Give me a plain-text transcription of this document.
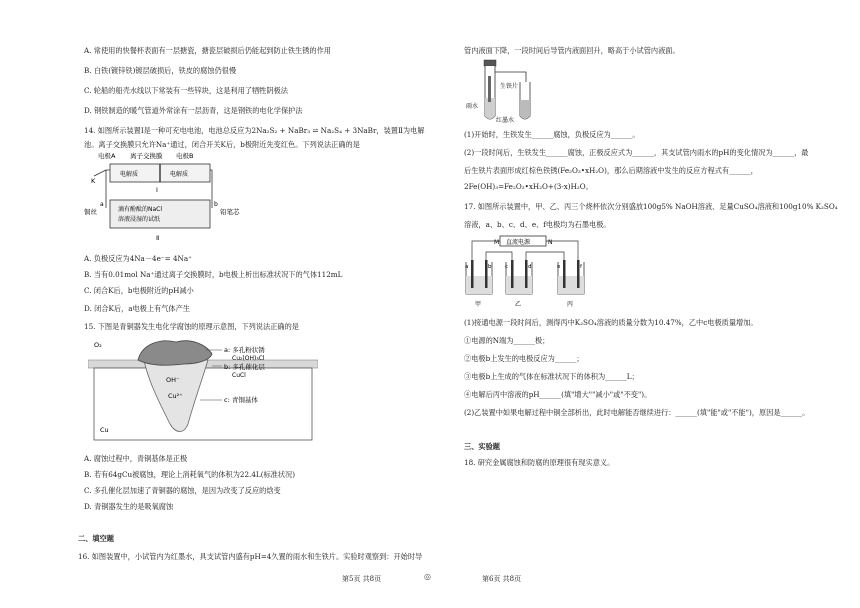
A. 常使用的快餐杯表面有一层搪瓷，搪瓷层破损后仍能起到防止铁生锈的作用
B. 白铁(镀锌铁)镀层破损后，铁皮的腐蚀仍很慢
C. 轮船的船壳水线以下常装有一些锌块，这是利用了牺牲阴极法
D. 钢铁制造的暖气管道外常涂有一层沥青，这是钢铁的电化学保护法
14. 如图所示装置Ⅰ是一种可充电电池，电池总反应为2Na₂S₂ + NaBr₃ ⇌ Na₂S₄ + 3NaBr，装置Ⅱ为电解
池。离子交换膜只允许Na⁺通过，闭合开关K后，b极附近先变红色。下列说法正确的是
电极A 离子交换膜 电极B
K
电解质	电解质
Ⅰ
a	b
铜丝	铅笔芯
滴有酚酞的NaCl
溶液浸湿的试纸
Ⅱ
A. 负极反应为4Na－4e⁻= 4Na⁺
B. 当有0.01mol Na⁺通过离子交换膜时，b电极上析出标准状况下的气体112mL
C. 闭合K后，b电极附近的pH减小
D. 闭合K后，a电极上有气体产生
15. 下图是青铜器发生电化学腐蚀的原理示意图，下列说法正确的是
O₂
OH⁻
Cu²⁺
Cu
a: 多孔粉状锈
Cu₂(OH)₃Cl
b: 多孔催化层
CuCl
c: 青铜基体
A. 腐蚀过程中，青铜基体是正极
B. 若有64gCu被腐蚀，理论上消耗氧气的体积为22.4L(标准状况)
C. 多孔催化层加速了青铜器的腐蚀，是因为改变了反应的焓变
D. 青铜器发生的是吸氧腐蚀
二、填空题
16. 如图装置中，小试管内为红墨水，具支试管内盛有pH=4久置的雨水和生铁片。实验时观察到：开始时导
管内液面下降，一段时间后导管内液面回升，略高于小试管内液面。
生铁片
雨水
红墨水
(1)开始时，生铁发生______腐蚀，负极反应为______。
(2)一段时间后，生铁发生______腐蚀，正极反应式为______，其支试管内雨水的pH的变化情况为______，最
后生铁片表面形成红棕色铁锈(Fe₂O₃•xH₂O)，那么后期溶液中发生的反应方程式有______，
2Fe(OH)₃=Fe₂O₃•xH₂O+(3-x)H₂O。
17. 如图所示装置中，甲、乙、丙三个烧杯依次分别盛放100g5% NaOH溶液、足量CuSO₄溶液和100g10% K₂SO₄
溶液，a、b、c、d、e、f电极均为石墨电极。
直流电源
M	N
a	b c	d	e	f
甲	乙	丙
(1)接通电源一段时间后，测得丙中K₂SO₄溶液的质量分数为10.47%，乙中c电极质量增加。
①电源的N端为______极；
②电极b上发生的电极反应为______；
③电极b上生成的气体在标准状况下的体积为______L；
④电解后丙中溶液的pH______(填"增大""减小"或"不变")。
(2)乙装置中如果电解过程中铜全部析出，此时电解能否继续进行：______(填"能"或"不能")，原因是______。
三、实验题
18. 研究金属腐蚀和防腐的原理很有现实意义。
第5页 共8页	◎	第6页 共8页
